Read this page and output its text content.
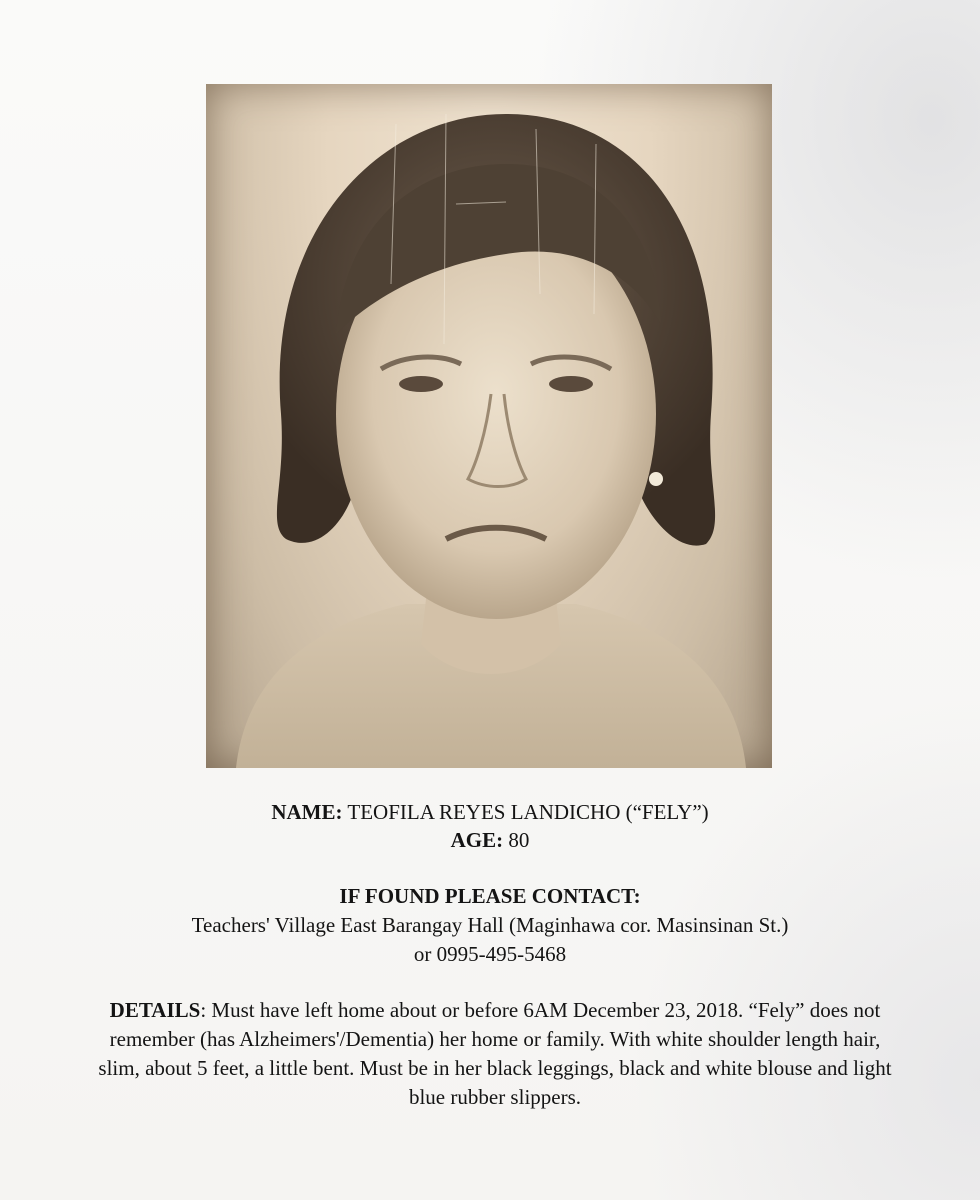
NAME: TEOFILA REYES LANDICHO (“FELY”)
AGE: 80
IF FOUND PLEASE CONTACT:
Teachers' Village East Barangay Hall (Maginhawa cor. Masinsinan St.)
or 0995-495-5468
DETAILS: Must have left home about or before 6AM December 23, 2018. “Fely” does not remember (has Alzheimers'/Dementia) her home or family. With white shoulder length hair, slim, about 5 feet, a little bent. Must be in her black leggings, black and white blouse and light blue rubber slippers.
